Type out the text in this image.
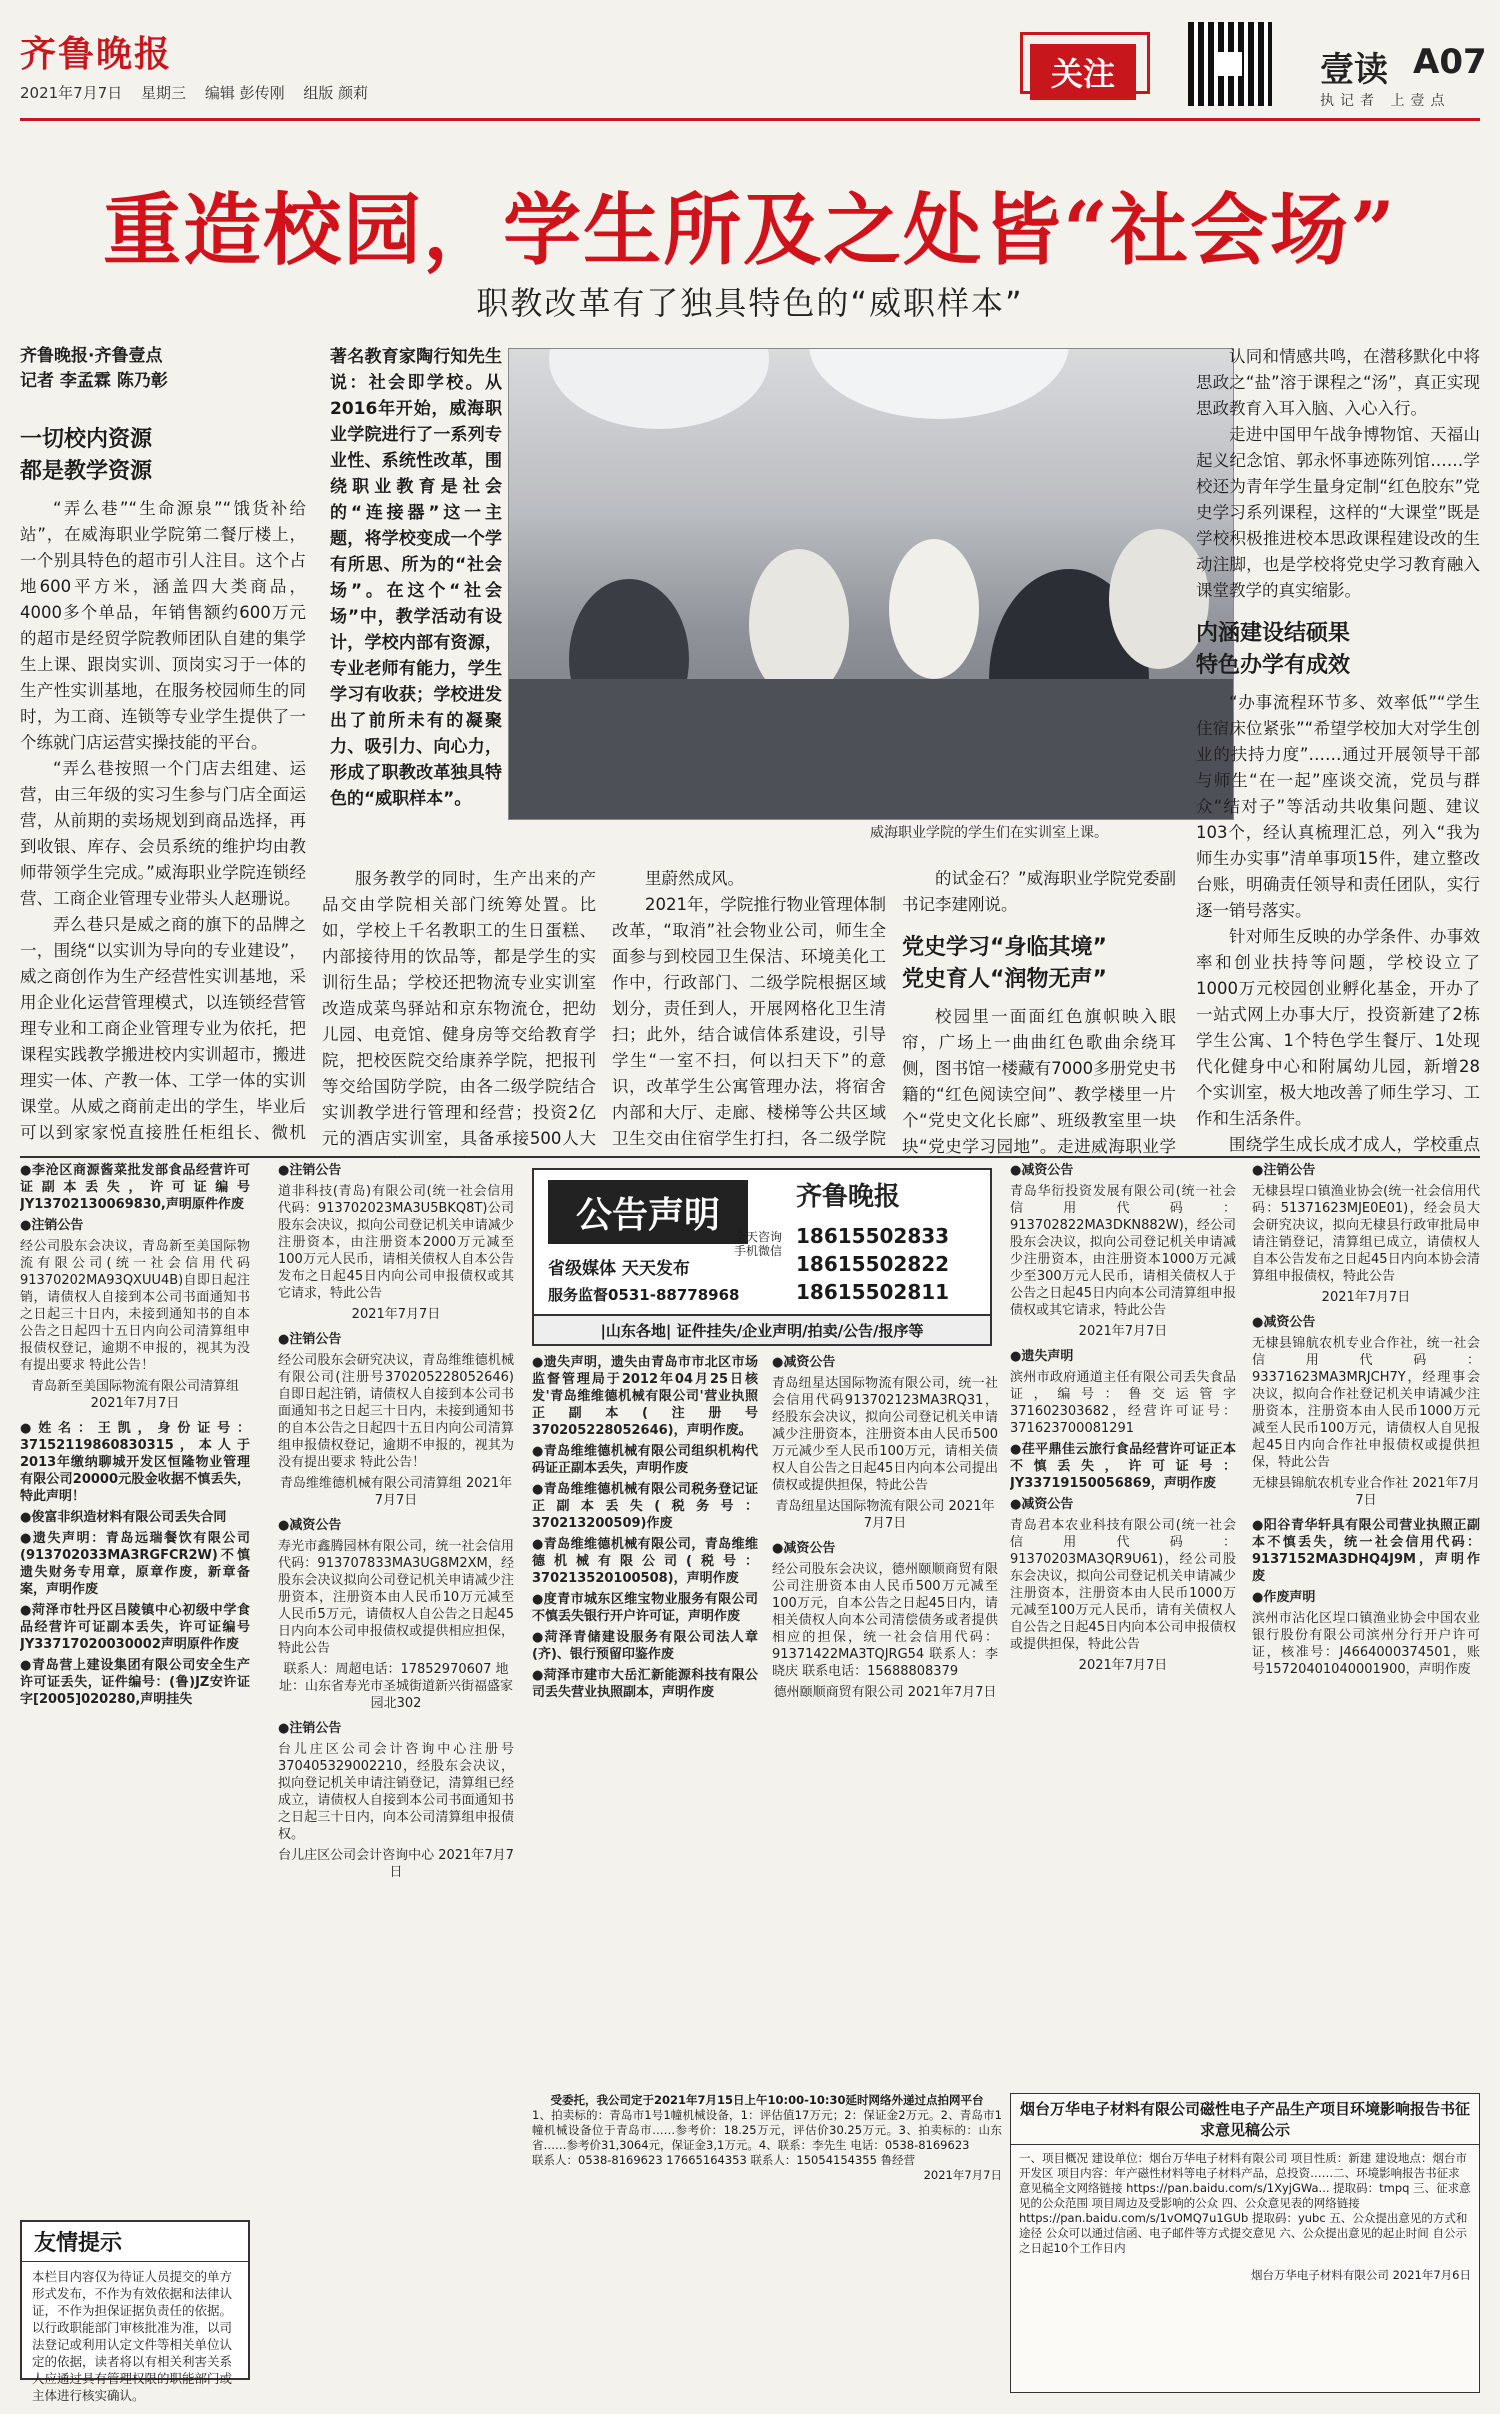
齐鲁晚报
2021年7月7日 星期三 编辑 彭传刚 组版 颜莉	关注	壹读 A07
执记者 上壹点
重造校园，学生所及之处皆“社会场”
职教改革有了独具特色的“威职样本”
齐鲁晚报·齐鲁壹点
记者 李孟霖 陈乃彰
一切校内资源
都是教学资源

“弄么巷”“生命源泉”“饿货补给站”，在威海职业学院第二餐厅楼上，一个别具特色的超市引人注目。这个占地600平方米，涵盖四大类商品，4000多个单品，年销售额约600万元的超市是经贸学院教师团队自建的集学生上课、跟岗实训、顶岗实习于一体的生产性实训基地，在服务校园师生的同时，为工商、连锁等专业学生提供了一个练就门店运营实操技能的平台。

“弄么巷按照一个门店去组建、运营，由三年级的实习生参与门店全面运营，从前期的卖场规划到商品选择，再到收银、库存、会员系统的维护均由教师带领学生完成。”威海职业学院连锁经营、工商企业管理专业带头人赵珊说。

弄么巷只是威之商的旗下的品牌之一，围绕“以实训为导向的专业建设”，威之商创作为生产经营性实训基地，采用企业化运营管理模式，以连锁经营管理专业和工商企业管理专业为依托，把课程实践教学搬进校内实训超市，搬进理实一体、产教一体、工学一体的实训课堂。从威之商前走出的学生，毕业后可以到家家悦直接胜任柜组长、微机

著名教育家陶行知先生说：社会即学校。从2016年开始，威海职业学院进行了一系列专业性、系统性改革，围绕职业教育是社会的“连接器”这一主题，将学校变成一个学有所思、所为的“社会场”。在这个“社会场”中，教学活动有设计，学校内部有资源，专业老师有能力，学生学习有收获；学校进发出了前所未有的凝聚力、吸引力、向心力，形成了职教改革独具特色的“威职样本”。
威海职业学院的学生们在实训室上课。

服务教学的同时，生产出来的产品交由学院相关部门统筹处置。比如，学校上千名教职工的生日蛋糕、内部接待用的饮品等，都是学生的实训衍生品；学校还把物流专业实训室改造成菜鸟驿站和京东物流仓，把幼儿园、电竞馆、健身房等交给教育学院，把校医院交给康养学院，把报刊等交给国防学院，由各二级学院结合实训教学进行管理和经营；投资2亿元的酒店实训室，具备承接500人大

里蔚然成风。

2021年，学院推行物业管理体制改革，“取消”社会物业公司，师生全面参与到校园卫生保洁、环境美化工作中，行政部门、二级学院根据区域划分，责任到人，开展网格化卫生清扫；此外，结合诚信体系建设，引导学生“一室不扫，何以扫天下”的意识，改革学生公寓管理办法，将宿舍内部和大厅、走廊、楼梯等公共区域卫生交由住宿学生打扫，各二级学院

的试金石？”威海职业学院党委副书记李建刚说。

党史学习“身临其境”
党史育人“润物无声”

校园里一面面红色旗帜映入眼帘，广场上一曲曲红色歌曲余绕耳侧，图书馆一楼藏有7000多册党史书籍的“红色阅读空间”、教学楼里一片个“党史文化长廊”、班级教室里一块块“党史学习园地”。走进威海职业学

认同和情感共鸣，在潜移默化中将思政之“盐”溶于课程之“汤”，真正实现思政教育入耳入脑、入心入行。

走进中国甲午战争博物馆、天福山起义纪念馆、郭永怀事迹陈列馆……学校还为青年学生量身定制“红色胶东”党史学习系列课程，这样的“大课堂”既是学校积极推进校本思政课程建设改的生动注脚，也是学校将党史学习教育融入课堂教学的真实缩影。

内涵建设结硕果
特色办学有成效

“办事流程环节多、效率低”“学生住宿床位紧张”“希望学校加大对学生创业的扶持力度”……通过开展领导干部与师生“在一起”座谈交流，党员与群众“结对子”等活动共收集问题、建议103个，经认真梳理汇总，列入“我为师生办实事”清单事项15件，建立整改台账，明确责任领导和责任团队，实行逐一销号落实。

针对师生反映的办学条件、办事效率和创业扶持等问题，学校设立了1000万元校园创业孵化基金，开办了一站式网上办事大厅，投资新建了2栋学生公寓、1个特色学生餐厅、1处现代化健身中心和附属幼儿园，新增28个实训室，极大地改善了师生学习、工作和生活条件。

围绕学生成长成才成人，学校重点

●李沧区商源酱菜批发部食品经营许可证副本丢失，许可证编号JY13702130069830,声明原件作废

●注销公告

经公司股东会决议，青岛新至美国际物流有限公司(统一社会信用代码91370202MA93QXUU4B)自即日起注销，请债权人自接到本公司书面通知书之日起三十日内，未接到通知书的自本公告之日起四十五日内向公司清算组申报债权登记，逾期不申报的，视其为没有提出要求 特此公告！

青岛新至美国际物流有限公司清算组 2021年7月7日

●姓名：王凯，身份证号：37152119860830315，本人于2013年缴纳聊城开发区恒隆物业管理有限公司20000元股金收据不慎丢失，特此声明！

●俊富非织造材料有限公司丢失合同

●遗失声明：青岛远瑞餐饮有限公司(913702033MA3RGFCR2W)不慎遗失财务专用章，原章作废，新章备案，声明作废

●菏泽市牡丹区吕陵镇中心初级中学食品经营许可证副本丢失，许可证编号JY33717020030002声明原件作废

●青岛营上建设集团有限公司安全生产许可证丢失，证件编号：(鲁)JZ安许证字[2005]020280,声明挂失

●注销公告

道非科技(青岛)有限公司(统一社会信用代码：913702023MA3U5BKQ8T)公司股东会决议，拟向公司登记机关申请减少注册资本，由注册资本2000万元减至100万元人民币，请相关债权人自本公告发布之日起45日内向公司申报债权或其它请求，特此公告

2021年7月7日

●注销公告

经公司股东会研究决议，青岛维维德机械有限公司(注册号370205228052646)自即日起注销，请债权人自接到本公司书面通知书之日起三十日内，未接到通知书的自本公告之日起四十五日内向公司清算组申报债权登记，逾期不申报的，视其为没有提出要求 特此公告！

青岛维维德机械有限公司清算组 2021年7月7日

●减资公告

寿光市鑫腾园林有限公司，统一社会信用代码：913707833MA3UG8M2XM，经股东会决议拟向公司登记机关申请减少注册资本，注册资本由人民币10万元减至人民币5万元，请债权人自公告之日起45日内向本公司申报债权或提供相应担保，特此公告

联系人：周超电话：17852970607 地址：山东省寿光市圣城街道新兴街福盛家园北302

●注销公告

台儿庄区公司会计咨询中心注册号370405329002210，经股东会决议，拟向登记机关申请注销登记，清算组已经成立，请债权人自接到本公司书面通知书之日起三十日内，向本公司清算组申报债权。

台儿庄区公司会计咨询中心 2021年7月7日

公告声明	齐鲁晚报
18615502833
18615502822
18615502811
省级媒体 天天发布
服务监督0531-88778968
全天咨询 手机微信
|山东各地| 证件挂失/企业声明/拍卖/公告/报序等

●遗失声明，遗失由青岛市市北区市场监督管理局于2012年04月25日核发'青岛维维德机械有限公司'营业执照正副本(注册号370205228052646)，声明作废。

●青岛维维德机械有限公司组织机构代码证正副本丢失，声明作废

●青岛维维德机械有限公司税务登记证正副本丢失(税务号：370213200509)作废

●青岛维维德机械有限公司，青岛维维德机械有限公司(税号：370213520100508)，声明作废

●度青市城东区维宝物业服务有限公司不慎丢失银行开户许可证，声明作废

●菏泽青储建设服务有限公司法人章(齐)、银行预留印鉴作废

●菏泽市建市大岳汇新能源科技有限公司丢失营业执照副本，声明作废

●减资公告

青岛纽星达国际物流有限公司，统一社会信用代码913702123MA3RQ31，经股东会决议，拟向公司登记机关申请减少注册资本，注册资本由人民币500万元减少至人民币100万元，请相关债权人自公告之日起45日内向本公司提出债权或提供担保，特此公告

青岛纽星达国际物流有限公司 2021年7月7日

●减资公告

经公司股东会决议，德州颐顺商贸有限公司注册资本由人民币500万元减至100万元，自本公告之日起45日内，请相关债权人向本公司清偿债务或者提供相应的担保，统一社会信用代码：91371422MA3TQJRG54 联系人：李晓庆 联系电话：15688808379

德州颐顺商贸有限公司 2021年7月7日

●减资公告

青岛华衍投资发展有限公司(统一社会信用代码：913702822MA3DKN882W)，经公司股东会决议，拟向公司登记机关申请减少注册资本，由注册资本1000万元减少至300万元人民币，请相关债权人于公告之日起45日内向本公司清算组申报债权或其它请求，特此公告

2021年7月7日

●遗失声明

滨州市政府通道主任有限公司丢失食品证，编号：鲁交运管字371602303682，经营许可证号：371623700081291

●荏平鼎佳云旅行食品经营许可证正本不慎丢失，许可证号：JY33719150056869，声明作废

●减资公告

青岛君本农业科技有限公司(统一社会信用代码：91370203MA3QR9U61)，经公司股东会决议，拟向公司登记机关申请减少注册资本，注册资本由人民币1000万元减至100万元人民币，请有关债权人自公告之日起45日内向本公司申报债权或提供担保，特此公告

2021年7月7日

●注销公告

无棣县埕口镇渔业协会(统一社会信用代码：51371623MJE0E01)，经会员大会研究决议，拟向无棣县行政审批局申请注销登记，清算组已成立，请债权人自本公告发布之日起45日内向本协会清算组申报债权，特此公告

2021年7月7日

●减资公告

无棣县锦航农机专业合作社，统一社会信用代码：93371623MA3MRJCH7Y，经理事会决议，拟向合作社登记机关申请减少注册资本，注册资本由人民币1000万元减至人民币100万元，请债权人自见报起45日内向合作社申报债权或提供担保，特此公告

无棣县锦航农机专业合作社 2021年7月7日

●阳谷青华轩具有限公司营业执照正副本不慎丢失，统一社会信用代码：9137152MA3DHQ4J9M，声明作废

●作废声明

滨州市沾化区埕口镇渔业协会中国农业银行股份有限公司滨州分行开户许可证，核准号：J4664000374501，账号15720401040001900，声明作废

受委托，我公司定于2021年7月15日上午10:00-10:30延时网络外递过点拍网平台
1、拍卖标的：青岛市1号1幢机械设备，1：评估值17万元；2：保证金2万元。2、青岛市1幢机械设备位于青岛市……参考价：18.25万元，评估价30.25万元。3、拍卖标的：山东省……参考价31,3064元，保证金3,1万元。4、联系：李先生 电话：0538-8169623
联系人：0538-8169623 17665164353 联系人：15054154355 鲁经营
2021年7月7日
烟台万华电子材料有限公司磁性电子产品生产项目环境影响报告书征求意见稿公示
一、项目概况 建设单位：烟台万华电子材料有限公司 项目性质：新建 建设地点：烟台市开发区 项目内容：年产磁性材料等电子材料产品，总投资……二、环境影响报告书征求意见稿全文网络链接 https://pan.baidu.com/s/1XyjGWa... 提取码：tmpq 三、征求意见的公众范围 项目周边及受影响的公众 四、公众意见表的网络链接 https://pan.baidu.com/s/1vOMQ7u1GUb 提取码：yubc 五、公众提出意见的方式和途径 公众可以通过信函、电子邮件等方式提交意见 六、公众提出意见的起止时间 自公示之日起10个工作日内
烟台万华电子材料有限公司 2021年7月6日
友情提示
本栏目内容仅为待证人员提交的单方形式发布，不作为有效依据和法律认证，不作为担保证据负责任的依据。以行政职能部门审核批准为准，以司法登记或利用认定文件等相关单位认定的依据，读者将以有相关利害关系人应通过具有管理权限的职能部门或主体进行核实确认。
